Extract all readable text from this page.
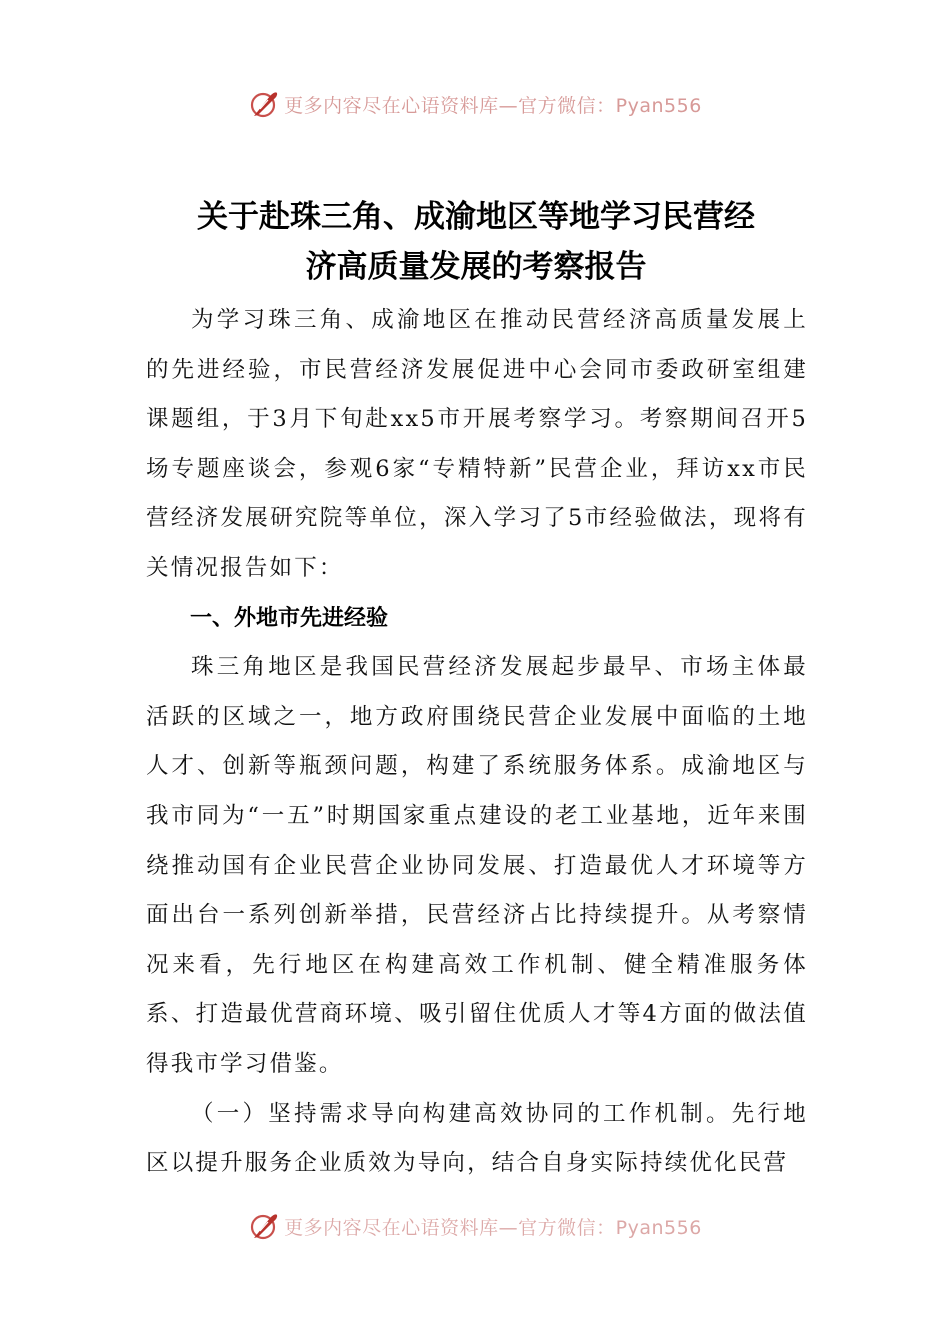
更多内容尽在心语资料库—官方微信：Pyan556
关于赴珠三角、成渝地区等地学习民营经
济高质量发展的考察报告

为学习珠三角、成渝地区在推动民营经济高质量发展上的先进经验，市民营经济发展促进中心会同市委政研室组建课题组，于3月下旬赴xx5市开展考察学习。考察期间召开5场专题座谈会，参观6家“专精特新”民营企业，拜访xx市民营经济发展研究院等单位，深入学习了5市经验做法，现将有关情况报告如下：

一、外地市先进经验

珠三角地区是我国民营经济发展起步最早、市场主体最活跃的区域之一，地方政府围绕民营企业发展中面临的土地人才、创新等瓶颈问题，构建了系统服务体系。成渝地区与我市同为“一五”时期国家重点建设的老工业基地，近年来围绕推动国有企业民营企业协同发展、打造最优人才环境等方面出台一系列创新举措，民营经济占比持续提升。从考察情况来看，先行地区在构建高效工作机制、健全精准服务体系、打造最优营商环境、吸引留住优质人才等4方面的做法值得我市学习借鉴。

（一）坚持需求导向构建高效协同的工作机制。先行地区以提升服务企业质效为导向，结合自身实际持续优化民营

更多内容尽在心语资料库—官方微信：Pyan556
